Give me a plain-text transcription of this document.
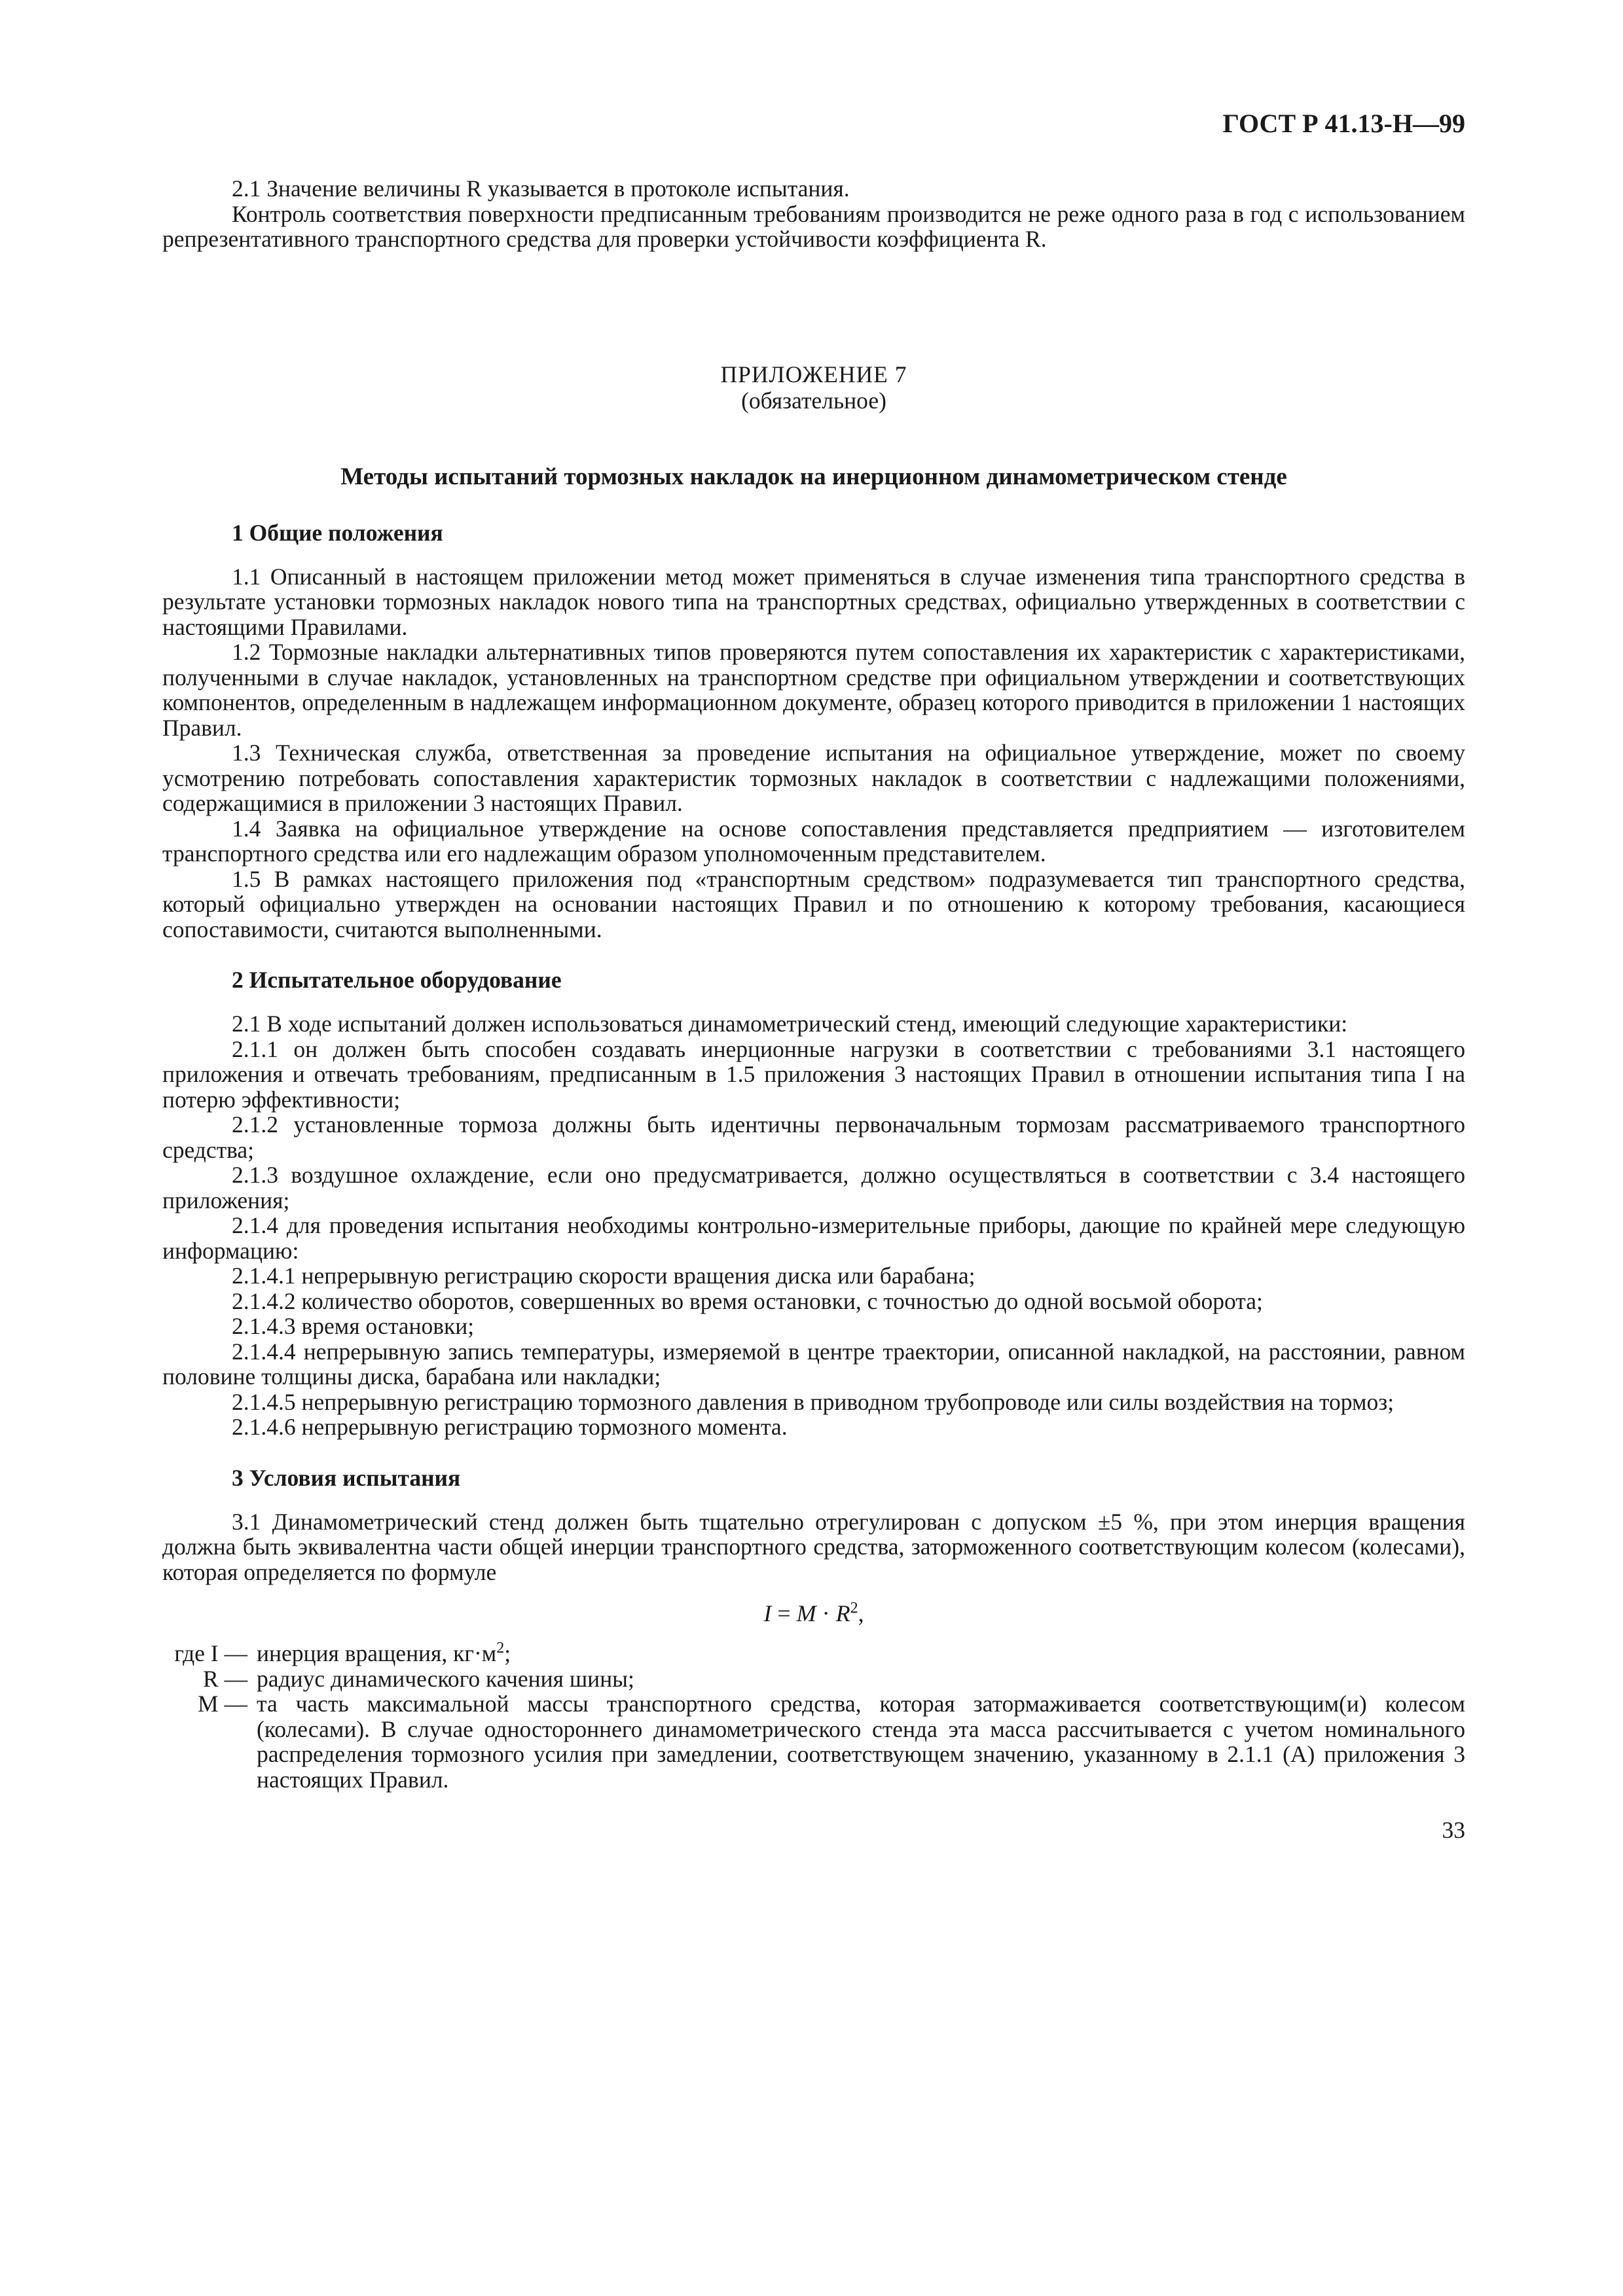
ГОСТ Р 41.13-Н—99

2.1 Значение величины R указывается в протоколе испытания.

Контроль соответствия поверхности предписанным требованиям производится не реже одного раза в год с использованием репрезентативного транспортного средства для проверки устойчивости коэффициента R.

ПРИЛОЖЕНИЕ 7
(обязательное)
Методы испытаний тормозных накладок на инерционном динамометрическом стенде
1 Общие положения

1.1 Описанный в настоящем приложении метод может применяться в случае изменения типа транспортного средства в результате установки тормозных накладок нового типа на транспортных средствах, официально утвержденных в соответствии с настоящими Правилами.

1.2 Тормозные накладки альтернативных типов проверяются путем сопоставления их характеристик с характеристиками, полученными в случае накладок, установленных на транспортном средстве при официальном утверждении и соответствующих компонентов, определенным в надлежащем информационном документе, образец которого приводится в приложении 1 настоящих Правил.

1.3 Техническая служба, ответственная за проведение испытания на официальное утверждение, может по своему усмотрению потребовать сопоставления характеристик тормозных накладок в соответствии с надлежащими положениями, содержащимися в приложении 3 настоящих Правил.

1.4 Заявка на официальное утверждение на основе сопоставления представляется предприятием — изготовителем транспортного средства или его надлежащим образом уполномоченным представителем.

1.5 В рамках настоящего приложения под «транспортным средством» подразумевается тип транспортного средства, который официально утвержден на основании настоящих Правил и по отношению к которому требования, касающиеся сопоставимости, считаются выполненными.

2 Испытательное оборудование

2.1 В ходе испытаний должен использоваться динамометрический стенд, имеющий следующие характеристики:

2.1.1 он должен быть способен создавать инерционные нагрузки в соответствии с требованиями 3.1 настоящего приложения и отвечать требованиям, предписанным в 1.5 приложения 3 настоящих Правил в отношении испытания типа I на потерю эффективности;

2.1.2 установленные тормоза должны быть идентичны первоначальным тормозам рассматриваемого транспортного средства;

2.1.3 воздушное охлаждение, если оно предусматривается, должно осуществляться в соответствии с 3.4 настоящего приложения;

2.1.4 для проведения испытания необходимы контрольно-измерительные приборы, дающие по крайней мере следующую информацию:

2.1.4.1 непрерывную регистрацию скорости вращения диска или барабана;

2.1.4.2 количество оборотов, совершенных во время остановки, с точностью до одной восьмой оборота;

2.1.4.3 время остановки;

2.1.4.4 непрерывную запись температуры, измеряемой в центре траектории, описанной накладкой, на расстоянии, равном половине толщины диска, барабана или накладки;

2.1.4.5 непрерывную регистрацию тормозного давления в приводном трубопроводе или силы воздействия на тормоз;

2.1.4.6 непрерывную регистрацию тормозного момента.

3 Условия испытания

3.1 Динамометрический стенд должен быть тщательно отрегулирован с допуском ±5 %, при этом инерция вращения должна быть эквивалентна части общей инерции транспортного средства, заторможенного соответствующим колесом (колесами), которая определяется по формуле

$I = M \cdot R^2$,
где I — инерция вращения, $кг\cdot м^2$;
R — радиус динамического качения шины;
M — та часть максимальной массы транспортного средства, которая затормаживается соответствующим(и) колесом (колесами). В случае одностороннего динамометрического стенда эта масса рассчитывается с учетом номинального распределения тормозного усилия при замедлении, соответствующем значению, указанному в 2.1.1 (А) приложения 3 настоящих Правил.
33
